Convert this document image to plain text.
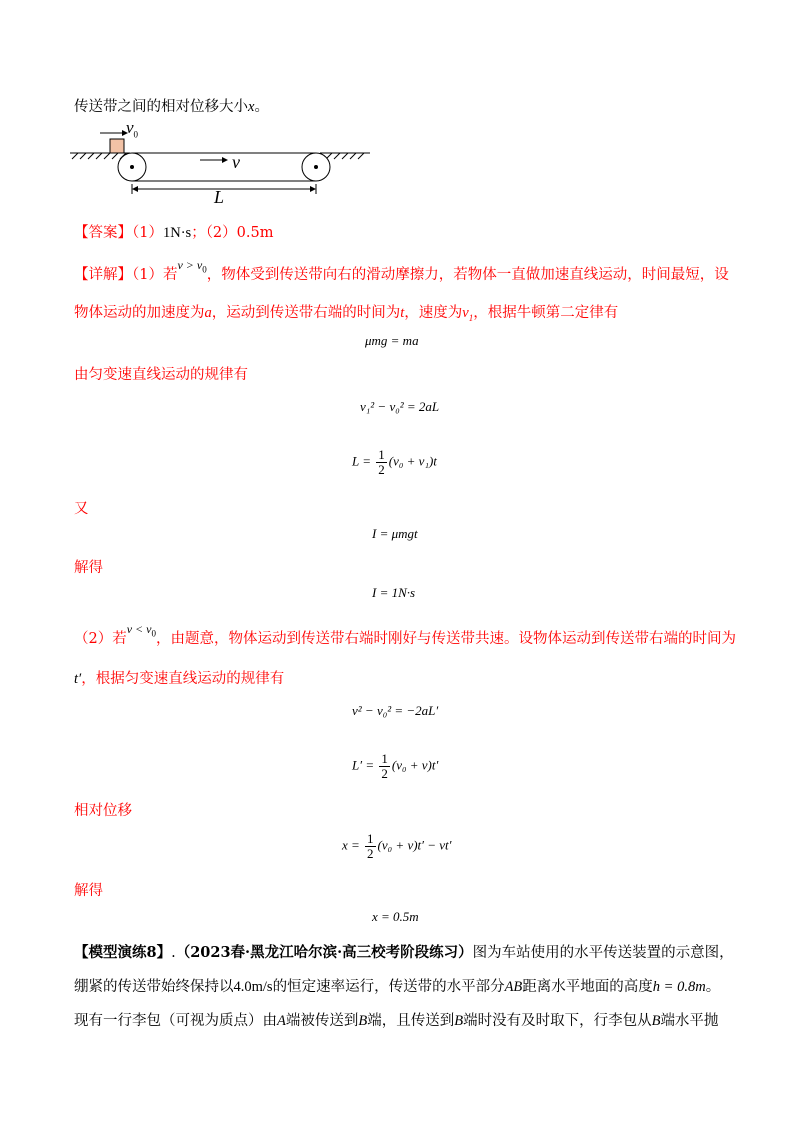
传送带之间的相对位移大小x。
$v_0$
v
L
【答案】（1）1N·s；（2）0.5m
【详解】（1）若$^{v > v_0}$，物体受到传送带向右的滑动摩擦力，若物体一直做加速直线运动，时间最短，设
物体运动的加速度为a，运动到传送带右端的时间为t，速度为$v_1$，根据牛顿第二定律有
μmg = ma
由匀变速直线运动的规律有
v₁² − v₀² = 2aL
$L = \frac{1}{2} (v_0 + v_1)t$
又
I = μmgt
解得
I = 1N·s
（2）若$^{v < v_0}$，由题意，物体运动到传送带右端时刚好与传送带共速。设物体运动到传送带右端的时间为
t′，根据匀变速直线运动的规律有
v² − v₀² = −2aL′
$L' = \frac{1}{2} (v_0 + v)t'$
相对位移
$x = \frac{1}{2} (v_0 + v)t' - vt'$
解得
x = 0.5m
【模型演练8】.（2023春·黑龙江哈尔滨·高三校考阶段练习）图为车站使用的水平传送装置的示意图，
绷紧的传送带始终保持以4.0m/s的恒定速率运行，传送带的水平部分AB距离水平地面的高度h = 0.8m。
现有一行李包（可视为质点）由A端被传送到B端，且传送到B端时没有及时取下，行李包从B端水平抛
